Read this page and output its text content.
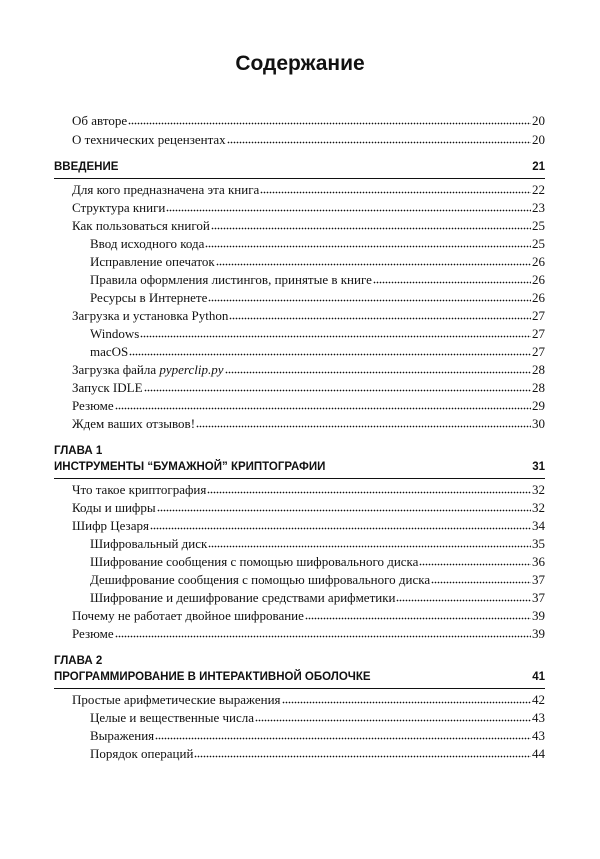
Содержание
Об авторе	20
О технических рецензентах	20
ВВЕДЕНИЕ	21
Для кого предназначена эта книга	22
Структура книги	23
Как пользоваться книгой	25
Ввод исходного кода	25
Исправление опечаток	26
Правила оформления листингов, принятые в книге	26
Ресурсы в Интернете	26
Загрузка и установка Python	27
Windows	27
macOS	27
Загрузка файла pyperclip.py	28
Запуск IDLE	28
Резюме	29
Ждем ваших отзывов!	30
ГЛАВА 1
ИНСТРУМЕНТЫ “БУМАЖНОЙ” КРИПТОГРАФИИ	31
Что такое криптография	32
Коды и шифры	32
Шифр Цезаря	34
Шифровальный диск	35
Шифрование сообщения с помощью шифровального диска	36
Дешифрование сообщения с помощью шифровального диска	37
Шифрование и дешифрование средствами арифметики	37
Почему не работает двойное шифрование	39
Резюме	39
ГЛАВА 2
ПРОГРАММИРОВАНИЕ В ИНТЕРАКТИВНОЙ ОБОЛОЧКЕ	41
Простые арифметические выражения	42
Целые и вещественные числа	43
Выражения	43
Порядок операций	44
